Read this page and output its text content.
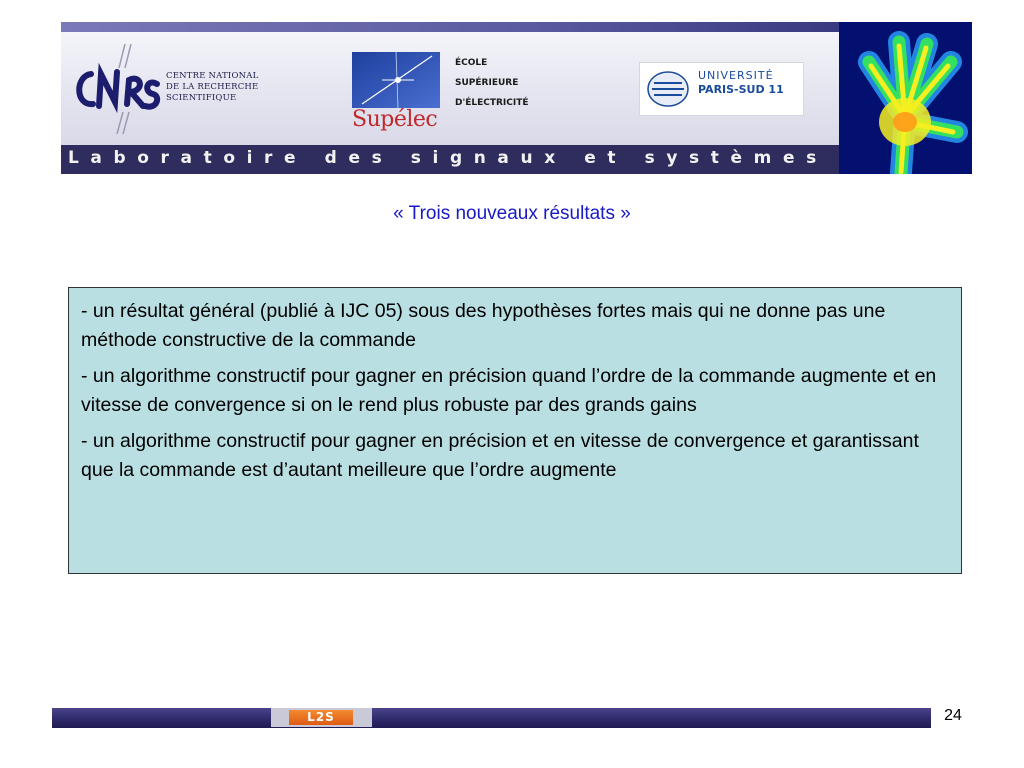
CENTRE NATIONAL
DE LA RECHERCHE
SCIENTIFIQUE
Supélec
ÉCOLE
SUPÉRIEURE
D'ÉLECTRICITÉ
UNIVERSITÉ
PARIS-SUD 11
Laboratoire des signaux et systèmes
« Trois nouveaux résultats »

- un résultat général (publié à IJC 05) sous des hypothèses fortes mais qui ne donne pas une méthode constructive de la commande

- un algorithme constructif pour gagner en précision quand l’ordre de la commande augmente et en vitesse de convergence si on le rend plus robuste par des grands gains

- un algorithme constructif pour gagner en précision et en vitesse de convergence et garantissant que la commande est d’autant meilleure que l’ordre augmente

L2S	24
